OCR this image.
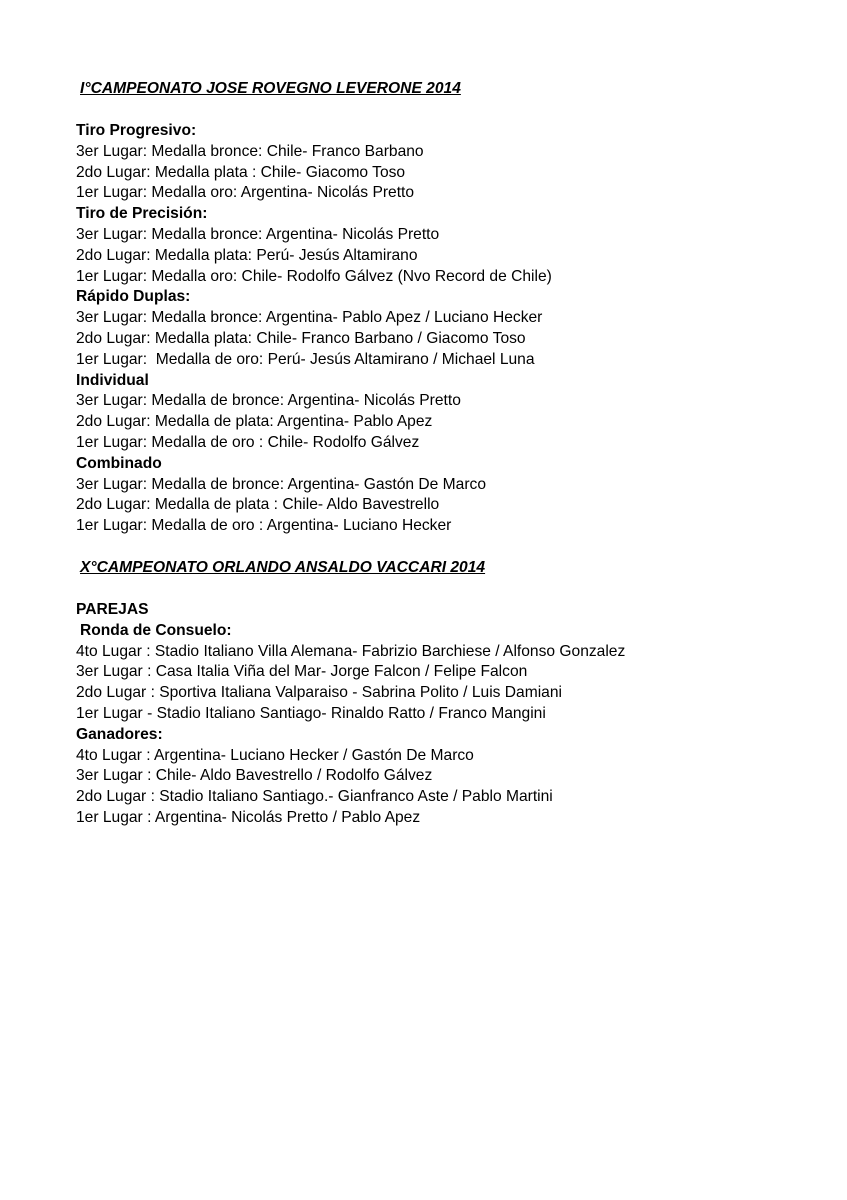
I°CAMPEONATO JOSE ROVEGNO LEVERONE 2014
Tiro Progresivo:
3er Lugar: Medalla bronce: Chile- Franco Barbano
2do Lugar: Medalla plata : Chile- Giacomo Toso
1er Lugar: Medalla oro: Argentina- Nicolás Pretto
Tiro de Precisión:
3er Lugar: Medalla bronce: Argentina- Nicolás Pretto
2do Lugar: Medalla plata: Perú- Jesús Altamirano
1er Lugar: Medalla oro: Chile- Rodolfo Gálvez (Nvo Record de Chile)
Rápido Duplas:
3er Lugar: Medalla bronce: Argentina- Pablo Apez / Luciano Hecker
2do Lugar: Medalla plata: Chile- Franco Barbano / Giacomo Toso
1er Lugar:  Medalla de oro: Perú- Jesús Altamirano / Michael Luna
Individual
3er Lugar: Medalla de bronce: Argentina- Nicolás Pretto
2do Lugar: Medalla de plata: Argentina- Pablo Apez
1er Lugar: Medalla de oro : Chile- Rodolfo Gálvez
Combinado
3er Lugar: Medalla de bronce: Argentina- Gastón De Marco
2do Lugar: Medalla de plata : Chile- Aldo Bavestrello
1er Lugar: Medalla de oro : Argentina- Luciano Hecker
X°CAMPEONATO ORLANDO ANSALDO VACCARI 2014
PAREJAS
Ronda de Consuelo:
4to Lugar : Stadio Italiano Villa Alemana- Fabrizio Barchiese / Alfonso Gonzalez
3er Lugar : Casa Italia Viña del Mar- Jorge Falcon / Felipe Falcon
2do Lugar : Sportiva Italiana Valparaiso - Sabrina Polito / Luis Damiani
1er Lugar - Stadio Italiano Santiago- Rinaldo Ratto / Franco Mangini
Ganadores:
4to Lugar : Argentina- Luciano Hecker / Gastón De Marco
3er Lugar : Chile- Aldo Bavestrello / Rodolfo Gálvez
2do Lugar : Stadio Italiano Santiago.- Gianfranco Aste / Pablo Martini
1er Lugar : Argentina- Nicolás Pretto / Pablo Apez
